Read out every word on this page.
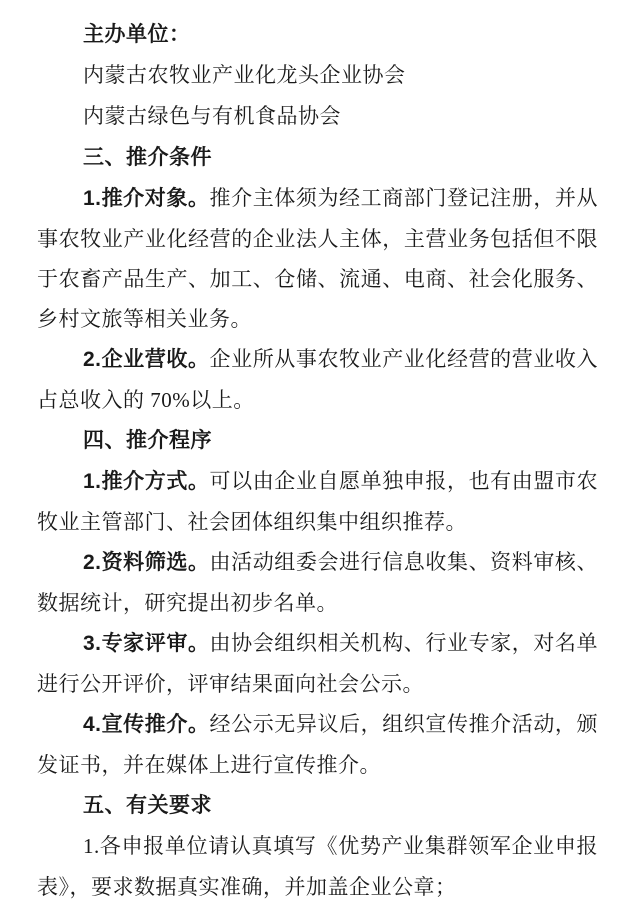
主办单位：

内蒙古农牧业产业化龙头企业协会

内蒙古绿色与有机食品协会

三、推介条件

1.推介对象。推介主体须为经工商部门登记注册，并从事农牧业产业化经营的企业法人主体，主营业务包括但不限于农畜产品生产、加工、仓储、流通、电商、社会化服务、乡村文旅等相关业务。

2.企业营收。企业所从事农牧业产业化经营的营业收入占总收入的 70%以上。

四、推介程序

1.推介方式。可以由企业自愿单独申报，也有由盟市农牧业主管部门、社会团体组织集中组织推荐。

2.资料筛选。由活动组委会进行信息收集、资料审核、数据统计，研究提出初步名单。

3.专家评审。由协会组织相关机构、行业专家，对名单进行公开评价，评审结果面向社会公示。

4.宣传推介。经公示无异议后，组织宣传推介活动，颁发证书，并在媒体上进行宣传推介。

五、有关要求

1.各申报单位请认真填写《优势产业集群领军企业申报表》，要求数据真实准确，并加盖企业公章；
